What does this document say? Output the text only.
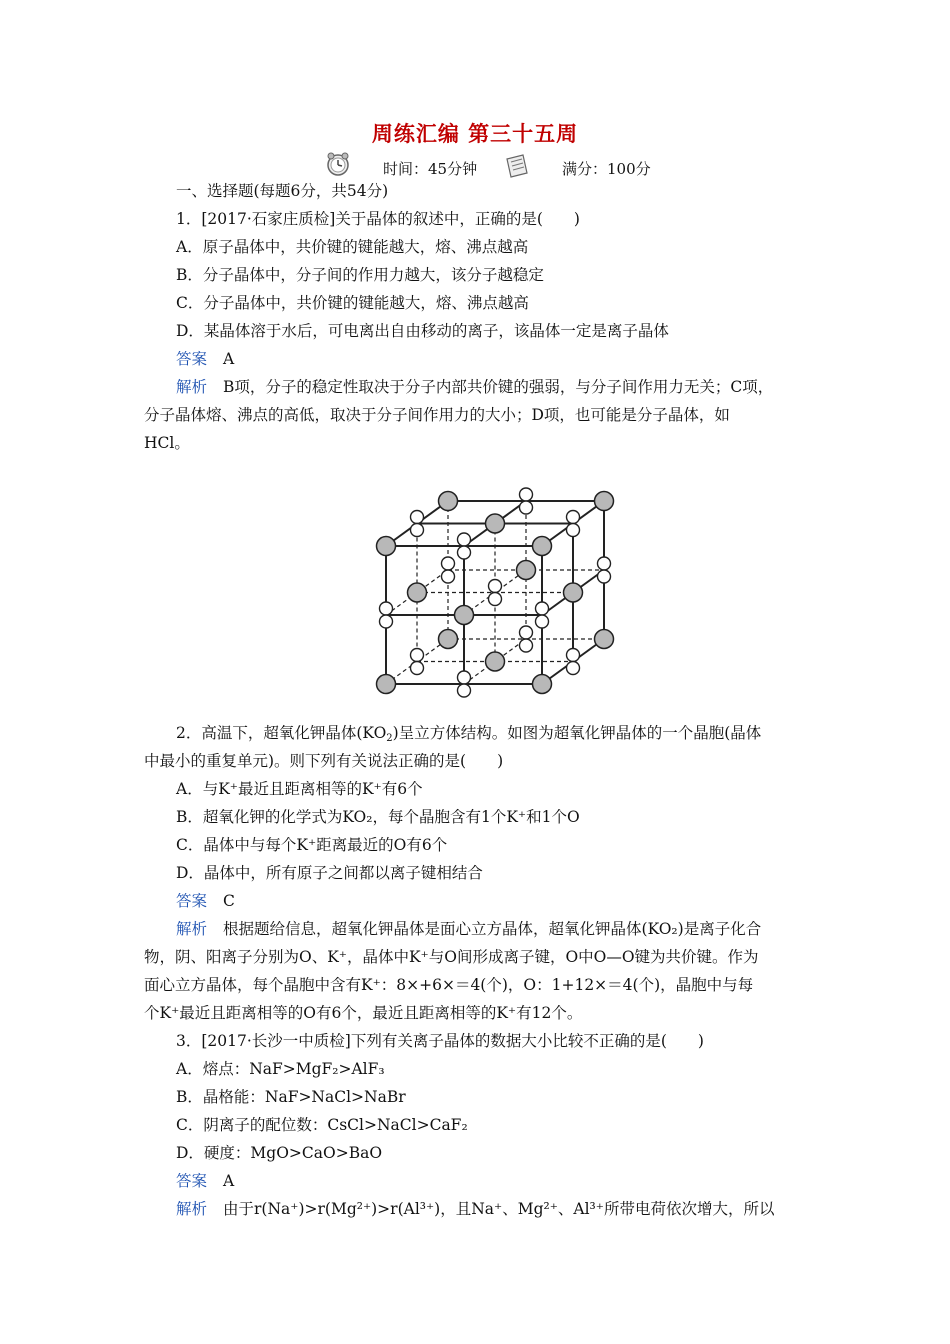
周练汇编 第三十五周
时间：45分钟	满分：100分
一、选择题(每题6分，共54分)
1．[2017·石家庄质检]关于晶体的叙述中，正确的是(　　)
A．原子晶体中，共价键的键能越大，熔、沸点越高
B．分子晶体中，分子间的作用力越大，该分子越稳定
C．分子晶体中，共价键的键能越大，熔、沸点越高
D．某晶体溶于水后，可电离出自由移动的离子，该晶体一定是离子晶体
答案 A
解析 B项，分子的稳定性取决于分子内部共价键的强弱，与分子间作用力无关；C项，
分子晶体熔、沸点的高低，取决于分子间作用力的大小；D项，也可能是分子晶体，如
HCl。
2．高温下，超氧化钾晶体$(KO_2)$呈立方体结构。如图为超氧化钾晶体的一个晶胞(晶体
中最小的重复单元)。则下列有关说法正确的是(　　)
A．与K⁺最近且距离相等的K⁺有6个
B．超氧化钾的化学式为KO₂，每个晶胞含有1个K⁺和1个O
C．晶体中与每个K⁺距离最近的O有6个
D．晶体中，所有原子之间都以离子键相结合
答案 C
解析 根据题给信息，超氧化钾晶体是面心立方晶体，超氧化钾晶体(KO₂)是离子化合
物，阴、阳离子分别为O、K⁺，晶体中K⁺与O间形成离子键，O中O—O键为共价键。作为
面心立方晶体，每个晶胞中含有K⁺：8×+6×＝4(个)，O：1+12×＝4(个)，晶胞中与每
个K⁺最近且距离相等的O有6个，最近且距离相等的K⁺有12个。
3．[2017·长沙一中质检]下列有关离子晶体的数据大小比较不正确的是(　　)
A．熔点：NaF>MgF₂>AlF₃
B．晶格能：NaF>NaCl>NaBr
C．阴离子的配位数：CsCl>NaCl>CaF₂
D．硬度：MgO>CaO>BaO
答案 A
解析 由于r(Na⁺)>r(Mg²⁺)>r(Al³⁺)，且Na⁺、Mg²⁺、Al³⁺所带电荷依次增大，所以
